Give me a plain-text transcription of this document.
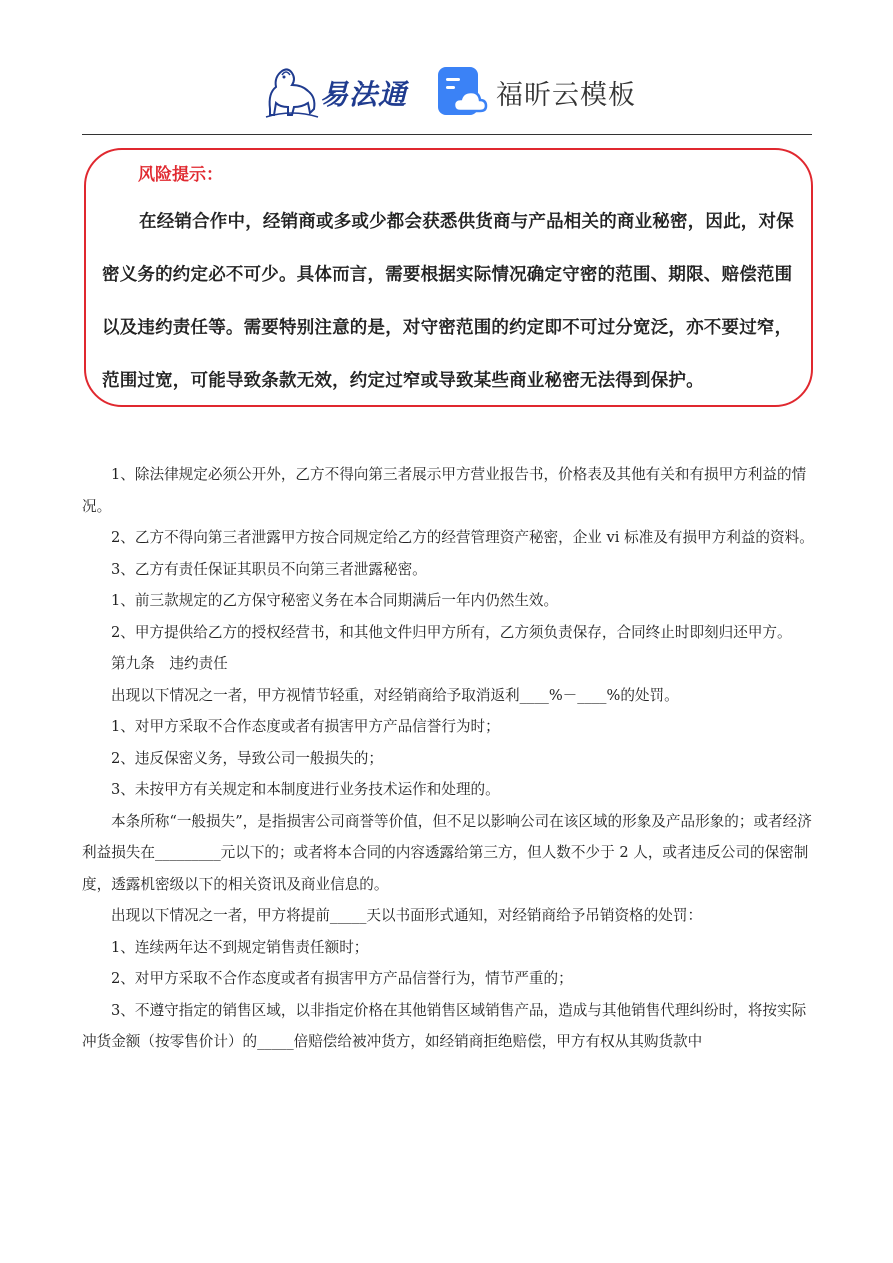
易法通	福昕云模板
风险提示：
在经销合作中，经销商或多或少都会获悉供货商与产品相关的商业秘密，因此，对保密义务的约定必不可少。具体而言，需要根据实际情况确定守密的范围、期限、赔偿范围以及违约责任等。需要特别注意的是，对守密范围的约定即不可过分宽泛，亦不要过窄，范围过宽，可能导致条款无效，约定过窄或导致某些商业秘密无法得到保护。

1、除法律规定必须公开外，乙方不得向第三者展示甲方营业报告书，价格表及其他有关和有损甲方利益的情况。

2、乙方不得向第三者泄露甲方按合同规定给乙方的经营管理资产秘密，企业 vi 标准及有损甲方利益的资料。

3、乙方有责任保证其职员不向第三者泄露秘密。

1、前三款规定的乙方保守秘密义务在本合同期满后一年内仍然生效。

2、甲方提供给乙方的授权经营书，和其他文件归甲方所有，乙方须负责保存，合同终止时即刻归还甲方。

第九条　违约责任

出现以下情况之一者，甲方视情节轻重，对经销商给予取消返利____%－____%的处罚。

1、对甲方采取不合作态度或者有损害甲方产品信誉行为时；

2、违反保密义务，导致公司一般损失的；

3、未按甲方有关规定和本制度进行业务技术运作和处理的。

本条所称“一般损失”，是指损害公司商誉等价值，但不足以影响公司在该区域的形象及产品形象的；或者经济利益损失在_________元以下的；或者将本合同的内容透露给第三方，但人数不少于 2 人，或者违反公司的保密制度，透露机密级以下的相关资讯及商业信息的。

出现以下情况之一者，甲方将提前_____天以书面形式通知，对经销商给予吊销资格的处罚：

1、连续两年达不到规定销售责任额时；

2、对甲方采取不合作态度或者有损害甲方产品信誉行为，情节严重的；

3、不遵守指定的销售区域，以非指定价格在其他销售区域销售产品，造成与其他销售代理纠纷时，将按实际冲货金额（按零售价计）的_____倍赔偿给被冲货方，如经销商拒绝赔偿，甲方有权从其购货款中
